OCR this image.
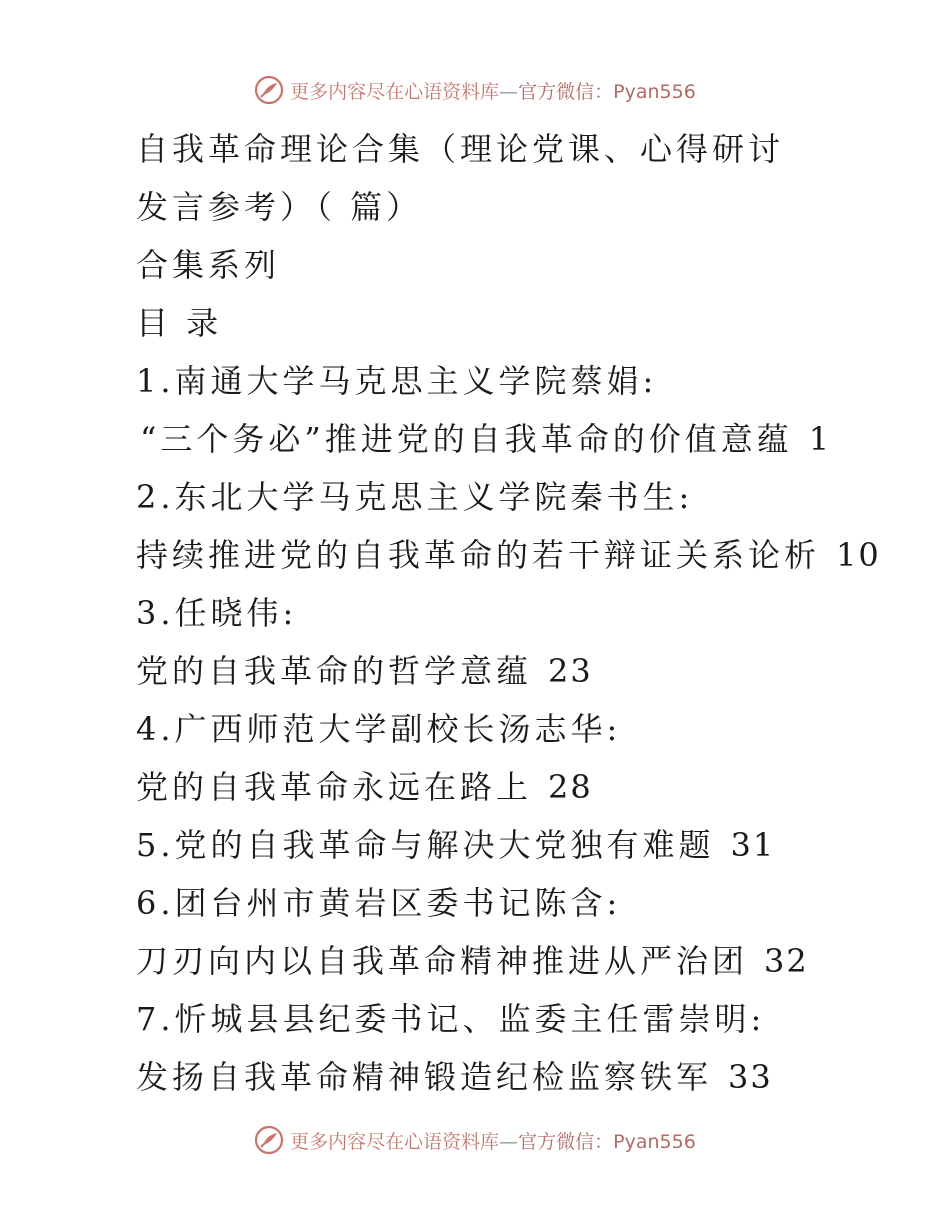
更多内容尽在心语资料库—官方微信：Pyan556
自我革命理论合集（理论党课、心得研讨
发言参考）（ 篇）
合集系列
目 录
1.南通大学马克思主义学院蔡娟:
“三个务必”推进党的自我革命的价值意蕴 1
2.东北大学马克思主义学院秦书生:
持续推进党的自我革命的若干辩证关系论析 10
3.任晓伟:
党的自我革命的哲学意蕴 23
4.广西师范大学副校长汤志华:
党的自我革命永远在路上 28
5.党的自我革命与解决大党独有难题 31
6.团台州市黄岩区委书记陈含:
刀刃向内以自我革命精神推进从严治团 32
7.忻城县县纪委书记、监委主任雷崇明:
发扬自我革命精神锻造纪检监察铁军 33
更多内容尽在心语资料库—官方微信：Pyan556
